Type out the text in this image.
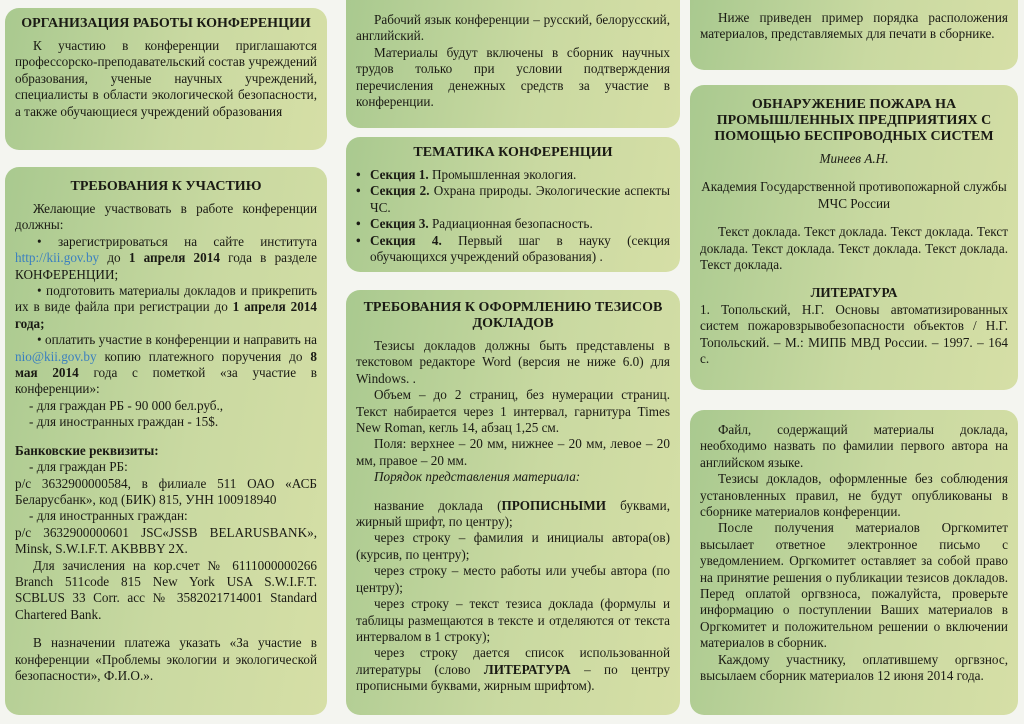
ОРГАНИЗАЦИЯ РАБОТЫ КОНФЕРЕНЦИИ

К участию в конференции приглашаются профессорско-преподавательский состав учреждений образования, ученые научных учреждений, специалисты в области экологической безопасности, а также обучающиеся учреждений образования

ТРЕБОВАНИЯ К УЧАСТИЮ

Желающие участвовать в работе конференции должны:

• зарегистрироваться на сайте института http://kii.gov.by до 1 апреля 2014 года в разделе КОНФЕРЕНЦИИ;

• подготовить материалы докладов и прикрепить их в виде файла при регистрации до 1 апреля 2014 года;

• оплатить участие в конференции и направить на nio@kii.gov.by копию платежного поручения до 8 мая 2014 года с пометкой «за участие в конференции»:

- для граждан РБ - 90 000 бел.руб.,

- для иностранных граждан - 15$.

Банковские реквизиты:

- для граждан РБ:

р/с 3632900000584, в филиале 511 ОАО «АСБ Беларусбанк», код (БИК) 815, УНН 100918940

- для иностранных граждан:

р/с 3632900000601 JSC«JSSB BELARUSBANK», Minsk, S.W.I.F.T. AKBBBY 2X.

Для зачисления на кор.счет № 6111000000266 Branch 511code 815 New York USA S.W.I.F.T. SCBLUS 33 Corr. acc № 3582021714001 Standard Chartered Bank.

В назначении платежа указать «За участие в конференции «Проблемы экологии и экологической безопасности», Ф.И.О.».

Рабочий язык конференции – русский, белорусский, английский.

Материалы будут включены в сборник научных трудов только при условии подтверждения перечисления денежных средств за участие в конференции.

ТЕМАТИКА КОНФЕРЕНЦИИ

• Секция 1. Промышленная экология.

• Секция 2. Охрана природы. Экологические аспекты ЧС.

• Секция 3. Радиационная безопасность.

• Секция 4. Первый шаг в науку (секция обучающихся учреждений образования) .

ТРЕБОВАНИЯ К ОФОРМЛЕНИЮ ТЕЗИСОВ ДОКЛАДОВ

Тезисы докладов должны быть представлены в текстовом редакторе Word (версия не ниже 6.0) для Windows. .

Объем – до 2 страниц, без нумерации страниц. Текст набирается через 1 интервал, гарнитура Times New Roman, кегль 14, абзац 1,25 см.

Поля: верхнее – 20 мм, нижнее – 20 мм, левое – 20 мм, правое – 20 мм.

Порядок представления материала:

название доклада (ПРОПИСНЫМИ буквами, жирный шрифт, по центру);

через строку – фамилия и инициалы автора(ов) (курсив, по центру);

через строку – место работы или учебы автора (по центру);

через строку – текст тезиса доклада (формулы и таблицы размещаются в тексте и отделяются от текста интервалом в 1 строку);

через строку дается список использованной литературы (слово ЛИТЕРАТУРА – по центру прописными буквами, жирным шрифтом).

Ниже приведен пример порядка расположения материалов, представляемых для печати в сборнике.

ОБНАРУЖЕНИЕ ПОЖАРА НА ПРОМЫШЛЕННЫХ ПРЕДПРИЯТИЯХ С ПОМОЩЬЮ БЕСПРОВОДНЫХ СИСТЕМ

Минеев А.Н.

Академия Государственной противопожарной службы МЧС России

Текст доклада. Текст доклада. Текст доклада. Текст доклада. Текст доклада. Текст доклада. Текст доклада. Текст доклада.

ЛИТЕРАТУРА

1. Топольский, Н.Г. Основы автоматизированных систем пожаровзрывобезопасности объектов / Н.Г. Топольский. – М.: МИПБ МВД России. – 1997. – 164 с.

Файл, содержащий материалы доклада, необходимо назвать по фамилии первого автора на английском языке.

Тезисы докладов, оформленные без соблюдения установленных правил, не будут опубликованы в сборнике материалов конференции.

После получения материалов Оргкомитет высылает ответное электронное письмо с уведомлением. Оргкомитет оставляет за собой право на принятие решения о публикации тезисов докладов. Перед оплатой оргвзноса, пожалуйста, проверьте информацию о поступлении Ваших материалов в Оргкомитет и положительном решении о включении материалов в сборник.

Каждому участнику, оплатившему оргвзнос, высылаем сборник материалов 12 июня 2014 года.
